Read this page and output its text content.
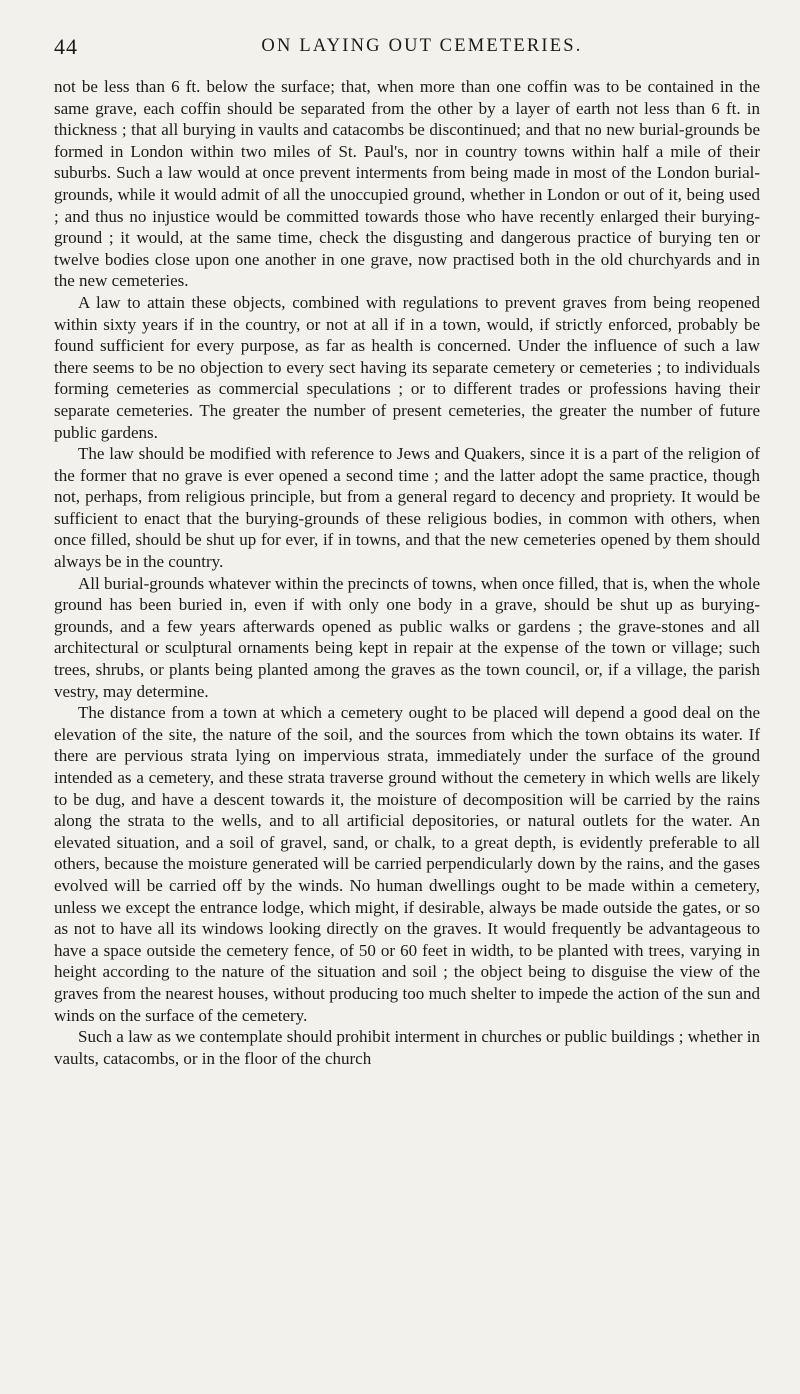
44	ON LAYING OUT CEMETERIES.

not be less than 6 ft. below the surface; that, when more than one coffin was to be contained in the same grave, each coffin should be separated from the other by a layer of earth not less than 6 ft. in thickness ; that all burying in vaults and catacombs be discontinued; and that no new burial-grounds be formed in London within two miles of St. Paul's, nor in country towns within half a mile of their suburbs. Such a law would at once prevent interments from being made in most of the London burial-grounds, while it would admit of all the unoccupied ground, whether in London or out of it, being used ; and thus no injustice would be committed towards those who have recently enlarged their burying-ground ; it would, at the same time, check the disgusting and dangerous practice of burying ten or twelve bodies close upon one another in one grave, now practised both in the old churchyards and in the new cemeteries.

A law to attain these objects, combined with regulations to prevent graves from being reopened within sixty years if in the country, or not at all if in a town, would, if strictly enforced, probably be found sufficient for every purpose, as far as health is concerned. Under the influence of such a law there seems to be no objection to every sect having its separate cemetery or cemeteries ; to individuals forming cemeteries as commercial speculations ; or to different trades or professions having their separate cemeteries. The greater the number of present cemeteries, the greater the number of future public gardens.

The law should be modified with reference to Jews and Quakers, since it is a part of the religion of the former that no grave is ever opened a second time ; and the latter adopt the same practice, though not, perhaps, from religious principle, but from a general regard to decency and propriety. It would be sufficient to enact that the burying-grounds of these religious bodies, in common with others, when once filled, should be shut up for ever, if in towns, and that the new cemeteries opened by them should always be in the country.

All burial-grounds whatever within the precincts of towns, when once filled, that is, when the whole ground has been buried in, even if with only one body in a grave, should be shut up as burying-grounds, and a few years afterwards opened as public walks or gardens ; the grave-stones and all architectural or sculptural ornaments being kept in repair at the expense of the town or village; such trees, shrubs, or plants being planted among the graves as the town council, or, if a village, the parish vestry, may determine.

The distance from a town at which a cemetery ought to be placed will depend a good deal on the elevation of the site, the nature of the soil, and the sources from which the town obtains its water. If there are pervious strata lying on impervious strata, immediately under the surface of the ground intended as a cemetery, and these strata traverse ground without the cemetery in which wells are likely to be dug, and have a descent towards it, the moisture of decomposition will be carried by the rains along the strata to the wells, and to all artificial depositories, or natural outlets for the water. An elevated situation, and a soil of gravel, sand, or chalk, to a great depth, is evidently preferable to all others, because the moisture generated will be carried perpendicularly down by the rains, and the gases evolved will be carried off by the winds. No human dwellings ought to be made within a cemetery, unless we except the entrance lodge, which might, if desirable, always be made outside the gates, or so as not to have all its windows looking directly on the graves. It would frequently be advantageous to have a space outside the cemetery fence, of 50 or 60 feet in width, to be planted with trees, varying in height according to the nature of the situation and soil ; the object being to disguise the view of the graves from the nearest houses, without producing too much shelter to impede the action of the sun and winds on the surface of the cemetery.

Such a law as we contemplate should prohibit interment in churches or public buildings ; whether in vaults, catacombs, or in the floor of the church
